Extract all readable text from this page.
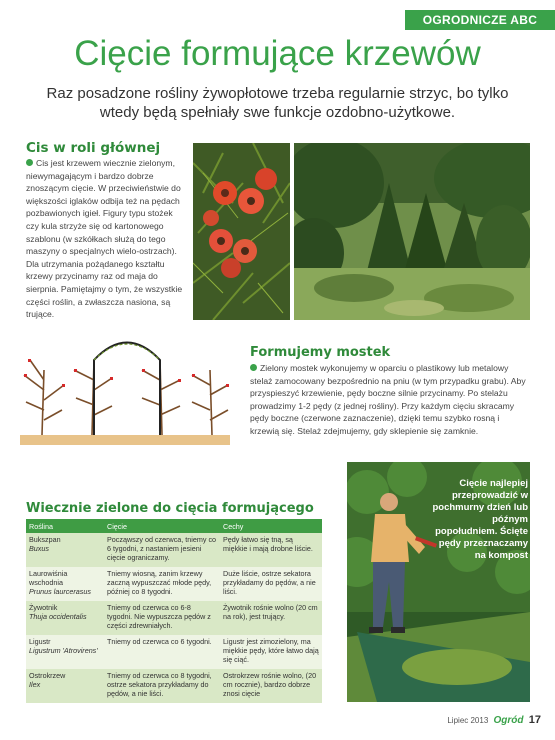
OGRODNICZE ABC
Cięcie formujące krzewów
Raz posadzone rośliny żywopłotowe trzeba regularnie strzyc, bo tylko wtedy będą spełniały swe funkcje ozdobno-użytkowe.
Cis w roli głównej
Cis jest krzewem wiecznie zielonym, niewymagającym i bardzo dobrze znoszącym cięcie. W przeciwieństwie do większości iglaków odbija też na pędach pozbawionych igieł. Figury typu stożek czy kula strzyże się od kartonowego szablonu (w szkółkach służą do tego maszyny o specjalnych wielo-ostrzach). Dla utrzymania pożądanego kształtu krzewy przycinamy raz od maja do sierpnia. Pamiętajmy o tym, że wszystkie części roślin, a zwłaszcza nasiona, są trujące.
Formujemy mostek
Zielony mostek wykonujemy w oparciu o plastikowy lub metalowy stelaż zamocowany bezpośrednio na pniu (w tym przypadku grabu). Aby przyspieszyć krzewienie, pędy boczne silnie przycinamy. Po stelażu prowadzimy 1-2 pędy (z jednej rośliny). Przy każdym cięciu skracamy pędy boczne (czerwone zaznaczenie), dzięki temu szybko rosną i krzewią się. Stelaż zdejmujemy, gdy sklepienie się zamknie.
Wiecznie zielone do cięcia formującego
Roślina	Cięcie	Cechy
Bukszpan
Buxus	Począwszy od czerwca, tniemy co 6 tygodni, z nastaniem jesieni cięcie ograniczamy.	Pędy łatwo się tną, są miękkie i mają drobne liście.
Laurowiśnia wschodnia
Prunus laurcerasus	Tniemy wiosną, zanim krzewy zaczną wypuszczać młode pędy, później co 8 tygodni.	Duże liście, ostrze sekatora przykładamy do pędów, a nie liści.
Żywotnik
Thuja occidentalis	Tniemy od czerwca co 6-8 tygodni. Nie wypuszcza pędów z części zdrewniałych.	Żywotnik rośnie wolno (20 cm na rok), jest trujący.
Ligustr
Ligustrum 'Atrovirens'	Tniemy od czerwca co 6 tygodni.	Ligustr jest zimozielony, ma miękkie pędy, które łatwo dają się ciąć.
Ostrokrzew
Ilex	Tniemy od czerwca co 8 tygodni, ostrze sekatora przykładamy do pędów, a nie liści.	Ostrokrzew rośnie wolno, (20 cm rocznie), bardzo dobrze znosi cięcie
Cięcie najlepiej przeprowadzić w pochmurny dzień lub późnym popołudniem. Ścięte pędy przeznaczamy na kompost
Lipiec 2013 Ogród 17
